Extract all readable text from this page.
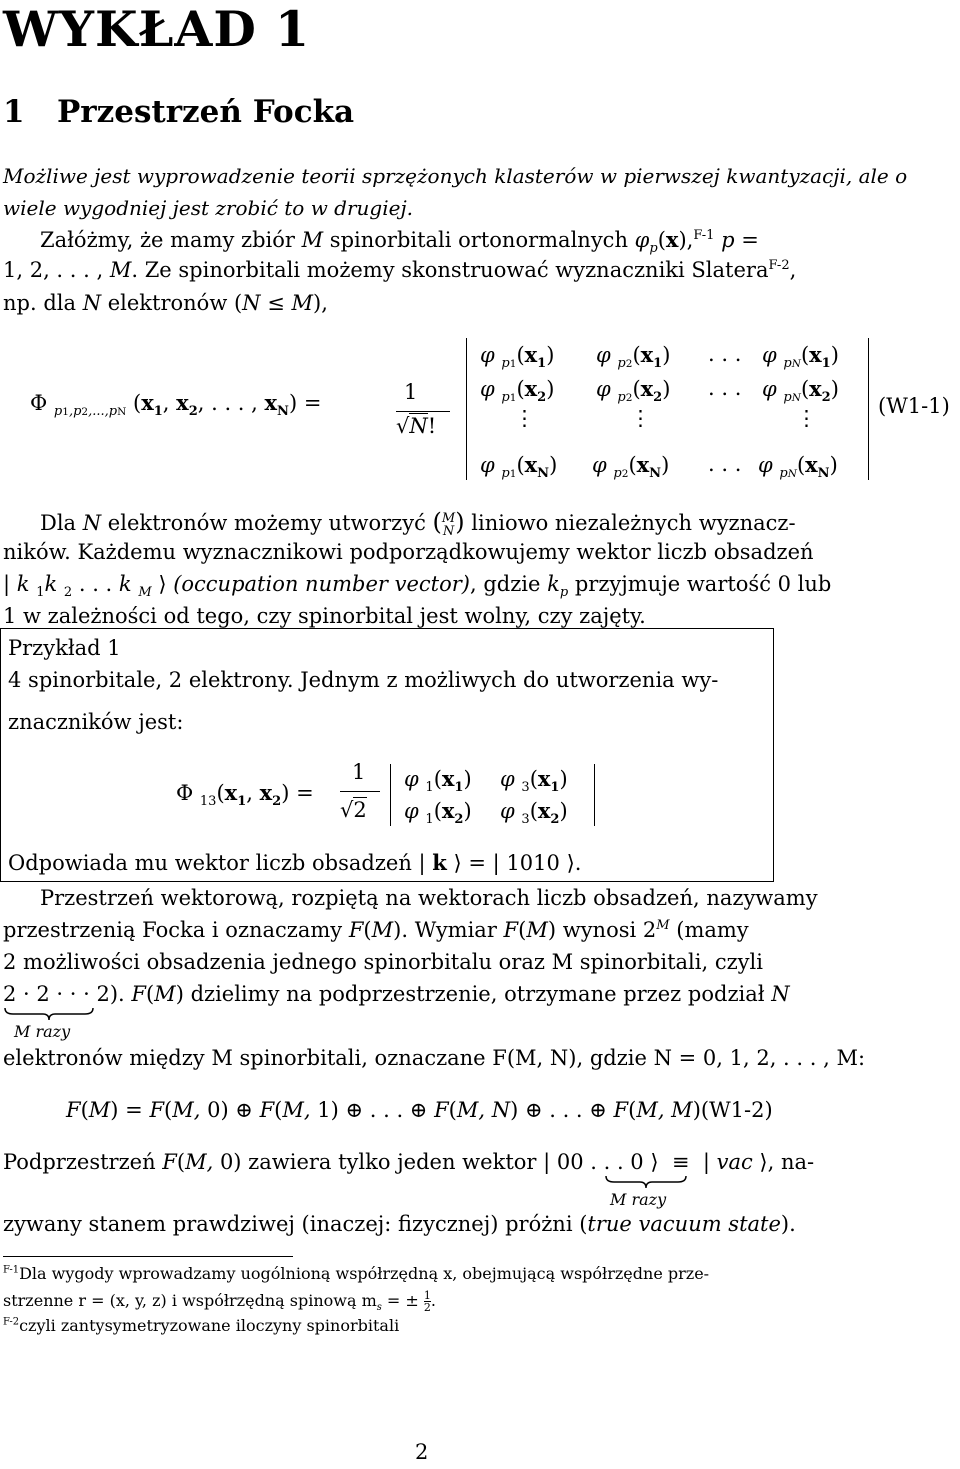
WYKŁAD 1
1 Przestrzeń Focka
Możliwe jest wyprowadzenie teorii sprzężonych klasterów w pierwszej kwantyzacji, ale o
wiele wygodniej jest zrobić to w drugiej.
Załóżmy, że mamy zbiór M spinorbitali ortonormalnych $\varphi_p(x),^{F-1}$ p =
1, 2, . . . , M. Ze spinorbitali możemy skonstruować wyznaczniki Slatera$^{F-2}$,
np. dla N elektronów (N ≤ M),
Φ $_{p1,p2,...,pN}$ ($x_1$, $x_2$, . . . , $x_N$) =	1
√N!
φ $_{p1}(x_1)$ φ $_{p2}(x_1)$ . . . φ $_{pN}(x_1)$
φ $_{p1}(x_2)$ φ $_{p2}(x_2)$ . . . φ $_{pN}(x_2)$
⋮	⋮	⋮
φ $_{p1}(x_N)$ φ $_{p2}(x_N)$ . . . φ $_{pN}(x_N)$
(W1-1)
Dla N elektronów możemy utworzyć ( M
N ) liniowo niezależnych wyznacz-
ników. Każdemu wyznacznikowi podporządkowujemy wektor liczb obsadzeń
| k $_1$k $_2$ . . . k $_M$ ⟩ (occupation number vector), gdzie $k_p$ przyjmuje wartość 0 lub
1 w zależności od tego, czy spinorbital jest wolny, czy zajęty.
Przykład 1
4 spinorbitale, 2 elektrony. Jednym z możliwych do utworzenia wy-
znaczników jest:
Φ $_{13}(x_1$, $x_2$) =
1
√2
φ $_1(x_1)$ φ $_3(x_1)$
φ $_1(x_2)$ φ $_3(x_2)$
Odpowiada mu wektor liczb obsadzeń | k ⟩ = | 1010 ⟩.
Przestrzeń wektorową, rozpiętą na wektorach liczb obsadzeń, nazywamy
przestrzenią Focka i oznaczamy F(M). Wymiar F(M) wynosi $2^M$ (mamy
2 możliwości obsadzenia jednego spinorbitalu oraz M spinorbitali, czyli
2 · 2 · · · 2). F(M) dzielimy na podprzestrzenie, otrzymane przez podział N
M razy
elektronów między M spinorbitali, oznaczane F(M, N), gdzie N = 0, 1, 2, . . . , M:
F(M) = F(M, 0) ⊕ F(M, 1) ⊕ . . . ⊕ F(M, N) ⊕ . . . ⊕ F(M, M)(W1-2)
Podprzestrzeń F(M, 0) zawiera tylko jeden wektor | 00 . . . 0 ⟩  ≡  | vac ⟩, na-
M razy
zywany stanem prawdziwej (inaczej: fizycznej) próżni (true vacuum state).
$^{F-1}$Dla wygody wprowadzamy uogólnioną współrzędną x, obejmującą współrzędne prze-
strzenne r = (x, y, z) i współrzędną spinową $m_s$ = ± $\frac{1}{2}$ .
$^{F-2}$czyli zantysymetryzowane iloczyny spinorbitali
2
